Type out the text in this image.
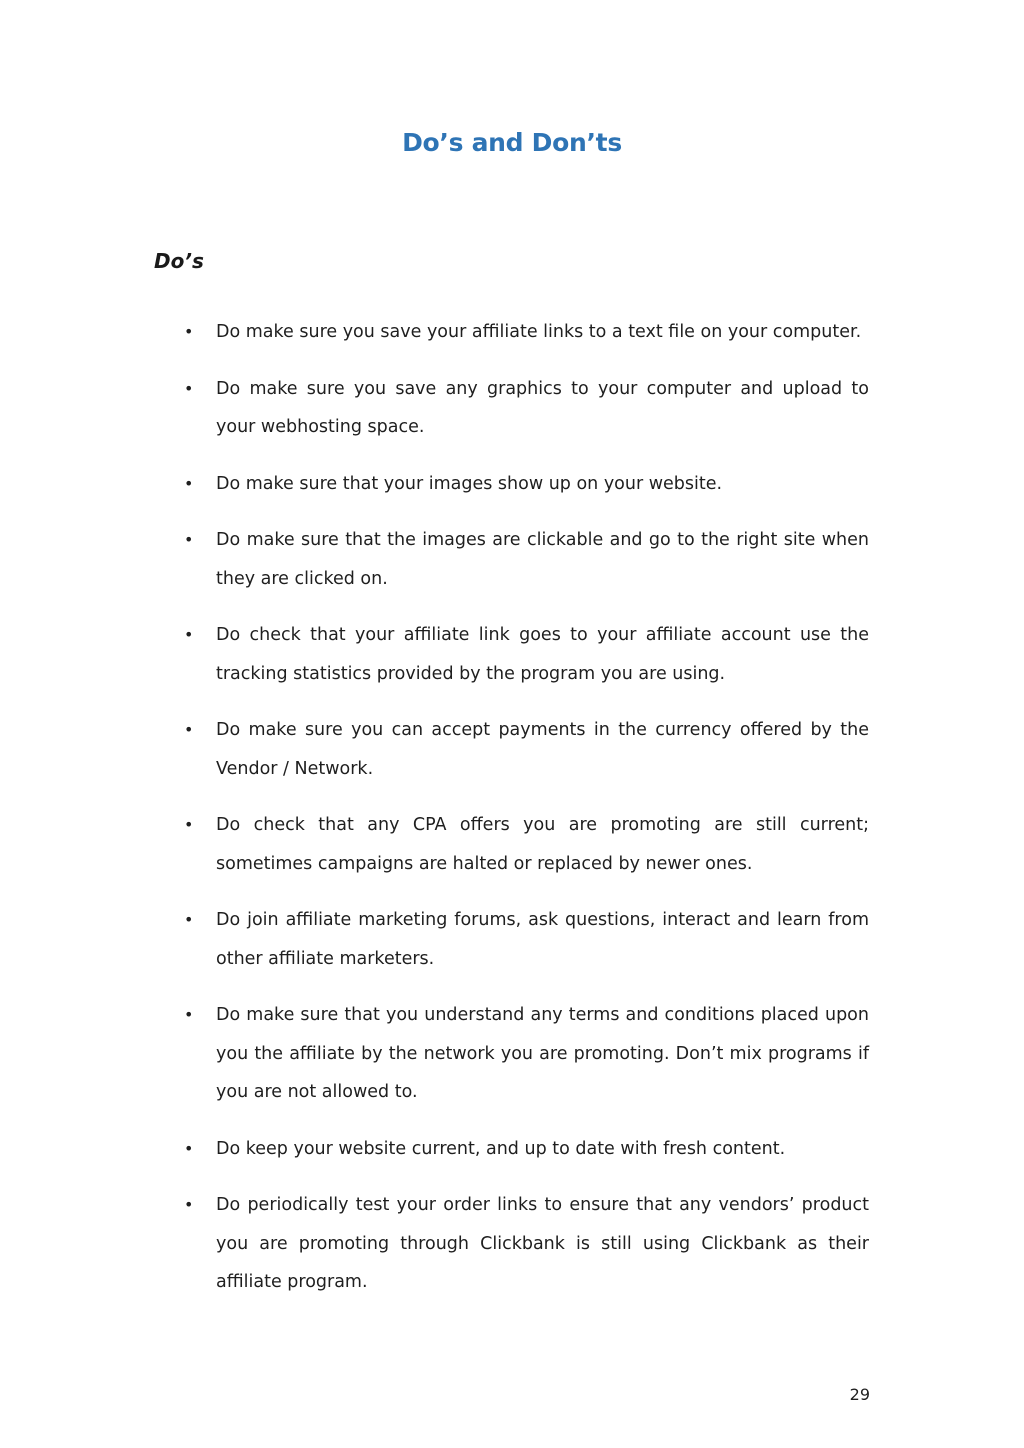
Do’s and Don’ts
Do’s
• Do make sure you save your affiliate links to a text file on your computer.
• Do make sure you save any graphics to your computer and upload to your webhosting space.
• Do make sure that your images show up on your website.
• Do make sure that the images are clickable and go to the right site when they are clicked on.
• Do check that your affiliate link goes to your affiliate account use the tracking statistics provided by the program you are using.
• Do make sure you can accept payments in the currency offered by the Vendor / Network.
• Do check that any CPA offers you are promoting are still current; sometimes campaigns are halted or replaced by newer ones.
• Do join affiliate marketing forums, ask questions, interact and learn from other affiliate marketers.
• Do make sure that you understand any terms and conditions placed upon you the affiliate by the network you are promoting. Don’t mix programs if you are not allowed to.
• Do keep your website current, and up to date with fresh content.
• Do periodically test your order links to ensure that any vendors’ product you are promoting through Clickbank is still using Clickbank as their affiliate program.
29
